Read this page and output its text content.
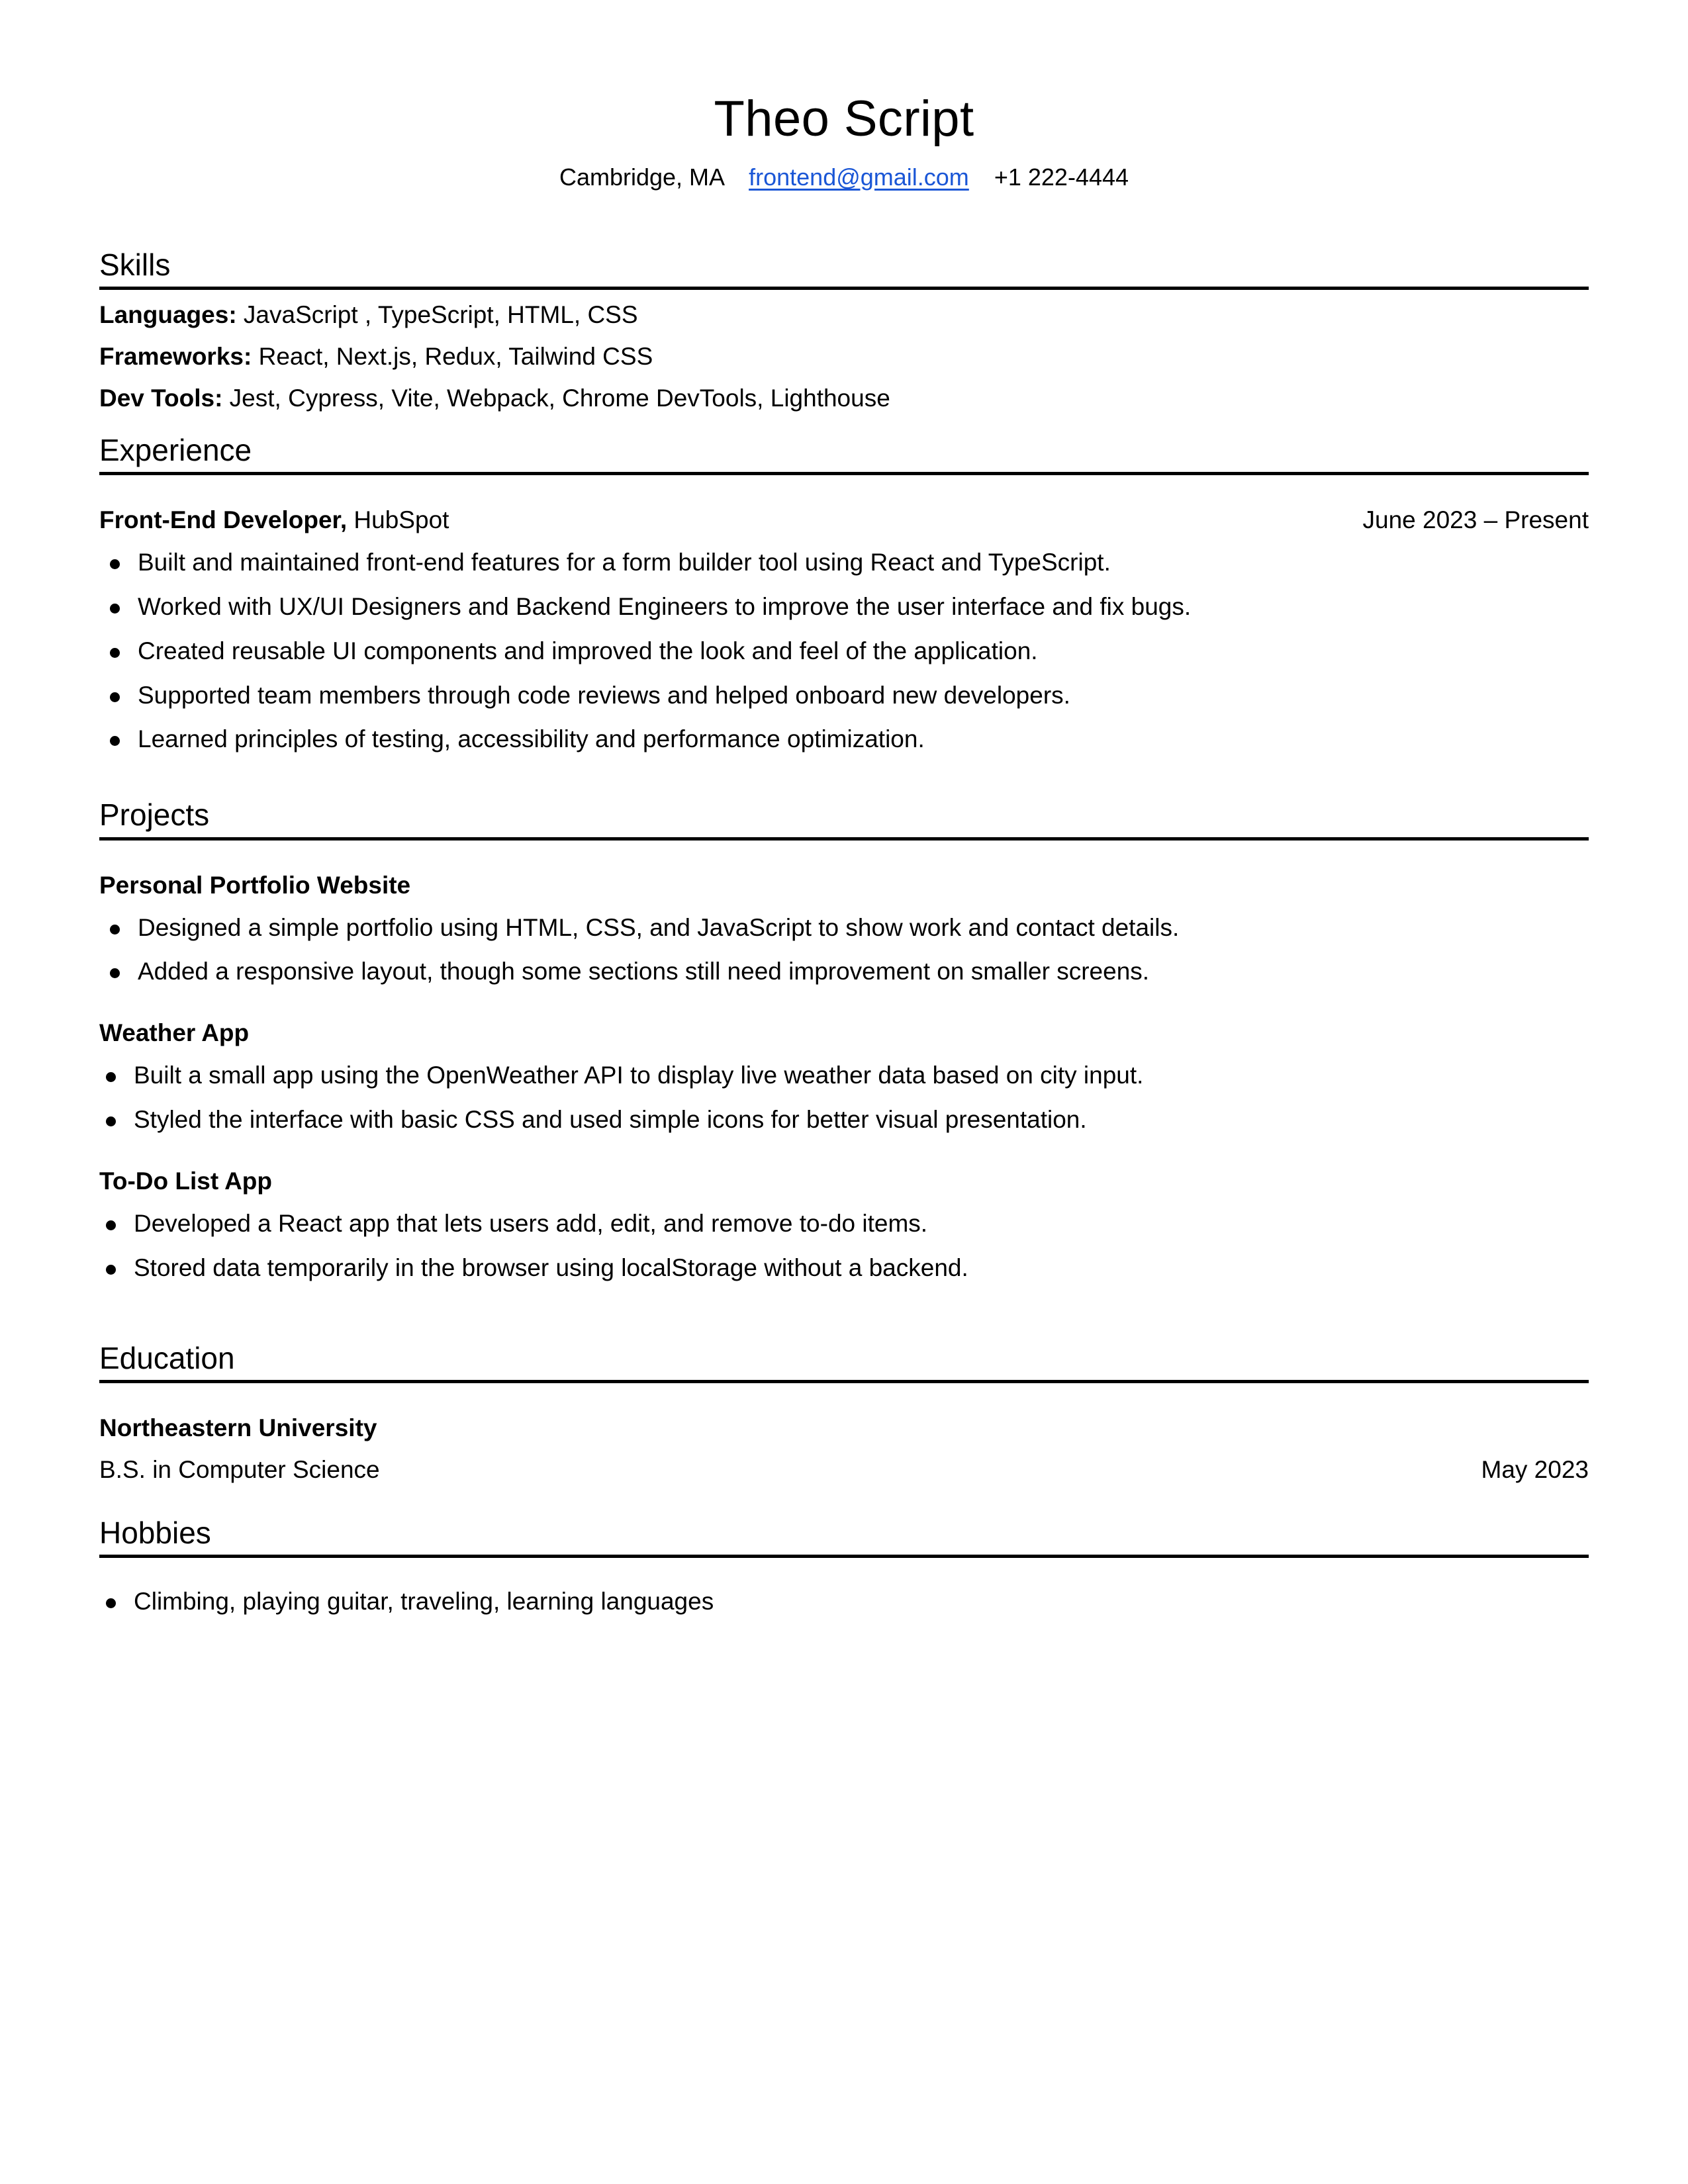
Theo Script
Cambridge, MA frontend@gmail.com +1 222-4444
Skills
Languages: JavaScript , TypeScript, HTML, CSS
Frameworks: React, Next.js, Redux, Tailwind CSS
Dev Tools: Jest, Cypress, Vite, Webpack, Chrome DevTools, Lighthouse
Experience
Front-End Developer, HubSpot	June 2023 – Present
Built and maintained front-end features for a form builder tool using React and TypeScript.
Worked with UX/UI Designers and Backend Engineers to improve the user interface and fix bugs.
Created reusable UI components and improved the look and feel of the application.
Supported team members through code reviews and helped onboard new developers.
Learned principles of testing, accessibility and performance optimization.
Projects
Personal Portfolio Website
Designed a simple portfolio using HTML, CSS, and JavaScript to show work and contact details.
Added a responsive layout, though some sections still need improvement on smaller screens.
Weather App
Built a small app using the OpenWeather API to display live weather data based on city input.
Styled the interface with basic CSS and used simple icons for better visual presentation.
To-Do List App
Developed a React app that lets users add, edit, and remove to-do items.
Stored data temporarily in the browser using localStorage without a backend.
Education
Northeastern University
B.S. in Computer Science	May 2023
Hobbies
Climbing, playing guitar, traveling, learning languages
